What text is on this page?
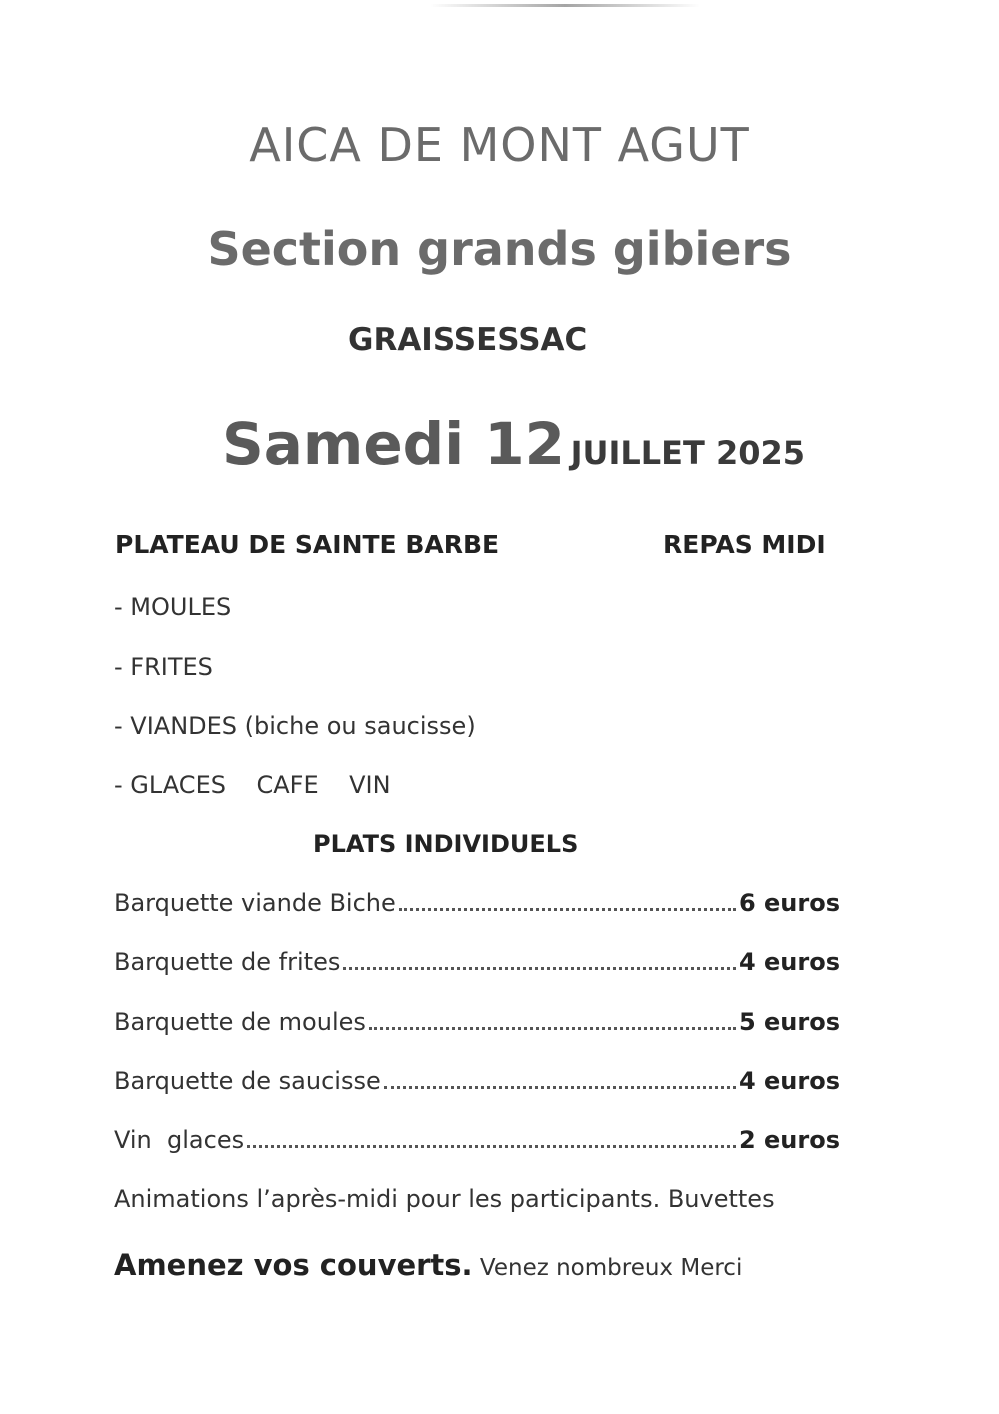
AICA DE MONT AGUT
Section grands gibiers
GRAISSESSAC
Samedi 12 JUILLET 2025
PLATEAU DE SAINTE BARBE	REPAS MIDI
- MOULES
- FRITES
- VIANDES (biche ou saucisse)
- GLACES    CAFE    VIN
PLATS INDIVIDUELS
Barquette viande Biche	6 euros
Barquette de frites	4 euros
Barquette de moules	5 euros
Barquette de saucisse	4 euros
Vin  glaces	2 euros
Animations l’après-midi pour les participants. Buvettes
Amenez vos couverts. Venez nombreux Merci
